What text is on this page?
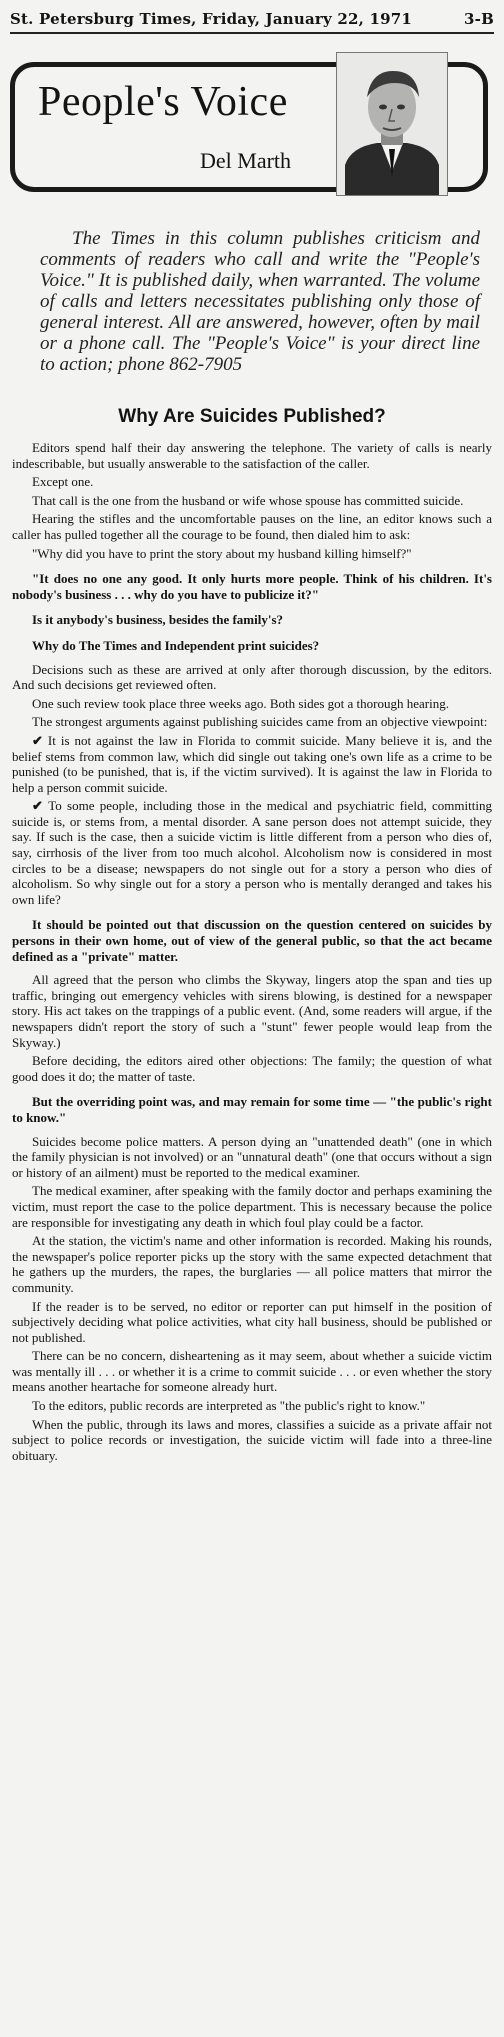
St. Petersburg Times, Friday, January 22, 1971	3-B
People's Voice
Del Marth

The Times in this column publishes criticism and comments of readers who call and write the "People's Voice." It is published daily, when warranted. The volume of calls and letters necessitates publishing only those of general interest. All are answered, however, often by mail or a phone call. The "People's Voice" is your direct line to action; phone 862-7905

Why Are Suicides Published?

Editors spend half their day answering the telephone. The variety of calls is nearly indescribable, but usually answerable to the satisfaction of the caller.

Except one.

That call is the one from the husband or wife whose spouse has committed suicide.

Hearing the stifles and the uncomfortable pauses on the line, an editor knows such a caller has pulled together all the courage to be found, then dialed him to ask:

"Why did you have to print the story about my husband killing himself?"

"It does no one any good. It only hurts more people. Think of his children. It's nobody's business . . . why do you have to publicize it?"

Is it anybody's business, besides the family's?

Why do The Times and Independent print suicides?

Decisions such as these are arrived at only after thorough discussion, by the editors. And such decisions get reviewed often.

One such review took place three weeks ago. Both sides got a thorough hearing.

The strongest arguments against publishing suicides came from an objective viewpoint:

✔ It is not against the law in Florida to commit suicide. Many believe it is, and the belief stems from common law, which did single out taking one's own life as a crime to be punished (to be punished, that is, if the victim survived). It is against the law in Florida to help a person commit suicide.

✔ To some people, including those in the medical and psychiatric field, committing suicide is, or stems from, a mental disorder. A sane person does not attempt suicide, they say. If such is the case, then a suicide victim is little different from a person who dies of, say, cirrhosis of the liver from too much alcohol. Alcoholism now is considered in most circles to be a disease; newspapers do not single out for a story a person who dies of alcoholism. So why single out for a story a person who is mentally deranged and takes his own life?

It should be pointed out that discussion on the question centered on suicides by persons in their own home, out of view of the general public, so that the act became defined as a "private" matter.

All agreed that the person who climbs the Skyway, lingers atop the span and ties up traffic, bringing out emergency vehicles with sirens blowing, is destined for a newspaper story. His act takes on the trappings of a public event. (And, some readers will argue, if the newspapers didn't report the story of such a "stunt" fewer people would leap from the Skyway.)

Before deciding, the editors aired other objections: The family; the question of what good does it do; the matter of taste.

But the overriding point was, and may remain for some time — "the public's right to know."

Suicides become police matters. A person dying an "unattended death" (one in which the family physician is not involved) or an "unnatural death" (one that occurs without a sign or history of an ailment) must be reported to the medical examiner.

The medical examiner, after speaking with the family doctor and perhaps examining the victim, must report the case to the police department. This is necessary because the police are responsible for investigating any death in which foul play could be a factor.

At the station, the victim's name and other information is recorded. Making his rounds, the newspaper's police reporter picks up the story with the same expected detachment that he gathers up the murders, the rapes, the burglaries — all police matters that mirror the community.

If the reader is to be served, no editor or reporter can put himself in the position of subjectively deciding what police activities, what city hall business, should be published or not published.

There can be no concern, disheartening as it may seem, about whether a suicide victim was mentally ill . . . or whether it is a crime to commit suicide . . . or even whether the story means another heartache for someone already hurt.

To the editors, public records are interpreted as "the public's right to know."

When the public, through its laws and mores, classifies a suicide as a private affair not subject to police records or investigation, the suicide victim will fade into a three-line obituary.
